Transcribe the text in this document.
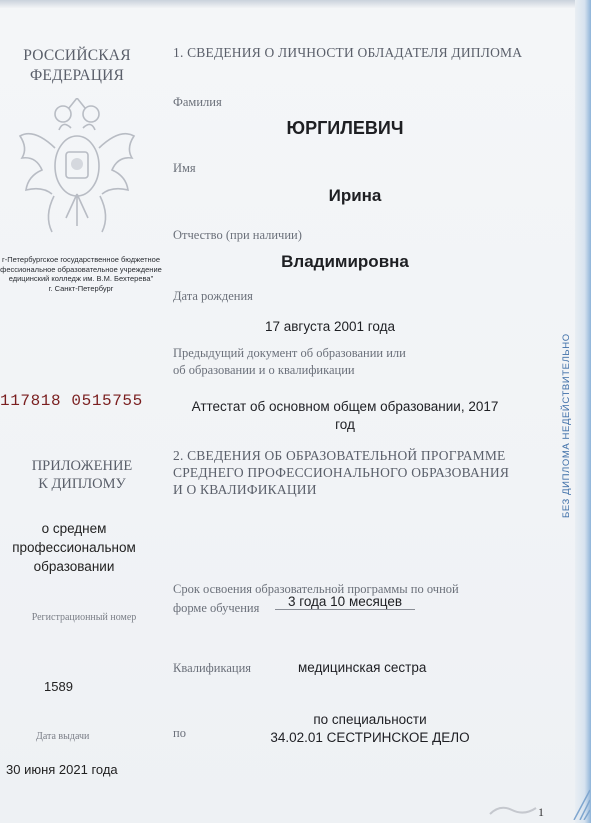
РОССИЙСКАЯ
ФЕДЕРАЦИЯ
г-Петербургское государственное бюджетное
фессиональное образовательное учреждение
едицинский колледж им. В.М. Бехтерева"
г. Санкт-Петербург
117818 0515755
ПРИЛОЖЕНИЕ
К ДИПЛОМУ
о среднем
профессиональном
образовании
Регистрационный номер
1589
Дата выдачи
30 июня 2021 года
1. СВЕДЕНИЯ О ЛИЧНОСТИ ОБЛАДАТЕЛЯ ДИПЛОМА
Фамилия
ЮРГИЛЕВИЧ
Имя
Ирина
Отчество (при наличии)
Владимировна
Дата рождения
17 августа 2001 года
Предыдущий документ об образовании или
об образовании и о квалификации
Аттестат об основном общем образовании, 2017
год
2. СВЕДЕНИЯ ОБ ОБРАЗОВАТЕЛЬНОЙ ПРОГРАММЕ
СРЕДНЕГО ПРОФЕССИОНАЛЬНОГО ОБРАЗОВАНИЯ
И О КВАЛИФИКАЦИИ
Срок освоения образовательной программы по очной
форме обучения	3 года 10 месяцев
Квалификация	медицинская сестра
по
по специальности
34.02.01 СЕСТРИНСКОЕ ДЕЛО
БЕЗ ДИПЛОМА НЕДЕЙСТВИТЕЛЬНО
1
